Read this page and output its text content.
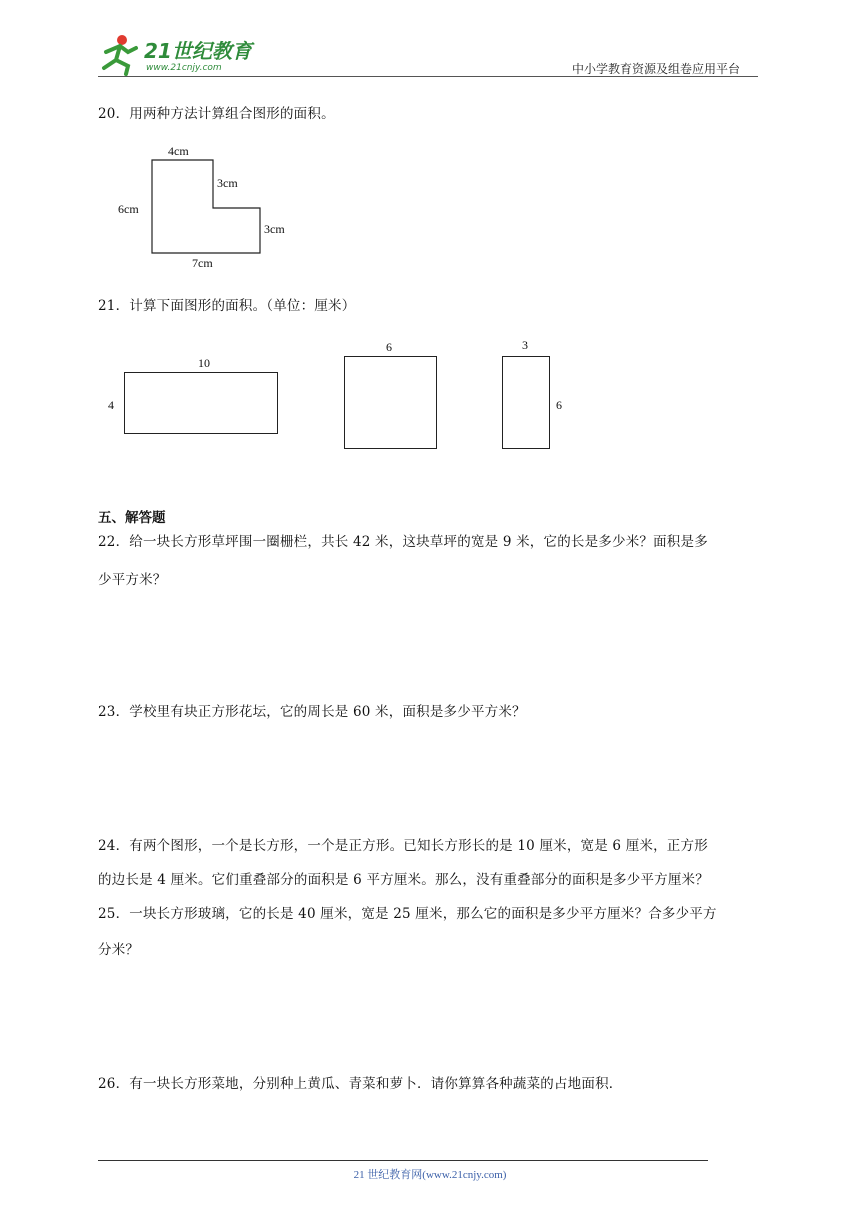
21世纪教育
www.21cnjy.com	中小学教育资源及组卷应用平台
20．用两种方法计算组合图形的面积。
4cm
3cm
6cm
3cm
7cm
21．计算下面图形的面积。（单位：厘米）
10
4
6	3
6
五、解答题
22．给一块长方形草坪围一圈栅栏，共长 42 米，这块草坪的宽是 9 米，它的长是多少米？面积是多
少平方米？
23．学校里有块正方形花坛，它的周长是 60 米，面积是多少平方米？
24．有两个图形，一个是长方形，一个是正方形。已知长方形长的是 10 厘米，宽是 6 厘米，正方形
的边长是 4 厘米。它们重叠部分的面积是 6 平方厘米。那么，没有重叠部分的面积是多少平方厘米？
25．一块长方形玻璃，它的长是 40 厘米，宽是 25 厘米，那么它的面积是多少平方厘米？合多少平方
分米？
26．有一块长方形菜地，分别种上黄瓜、青菜和萝卜．请你算算各种蔬菜的占地面积．
21 世纪教育网(www.21cnjy.com)
